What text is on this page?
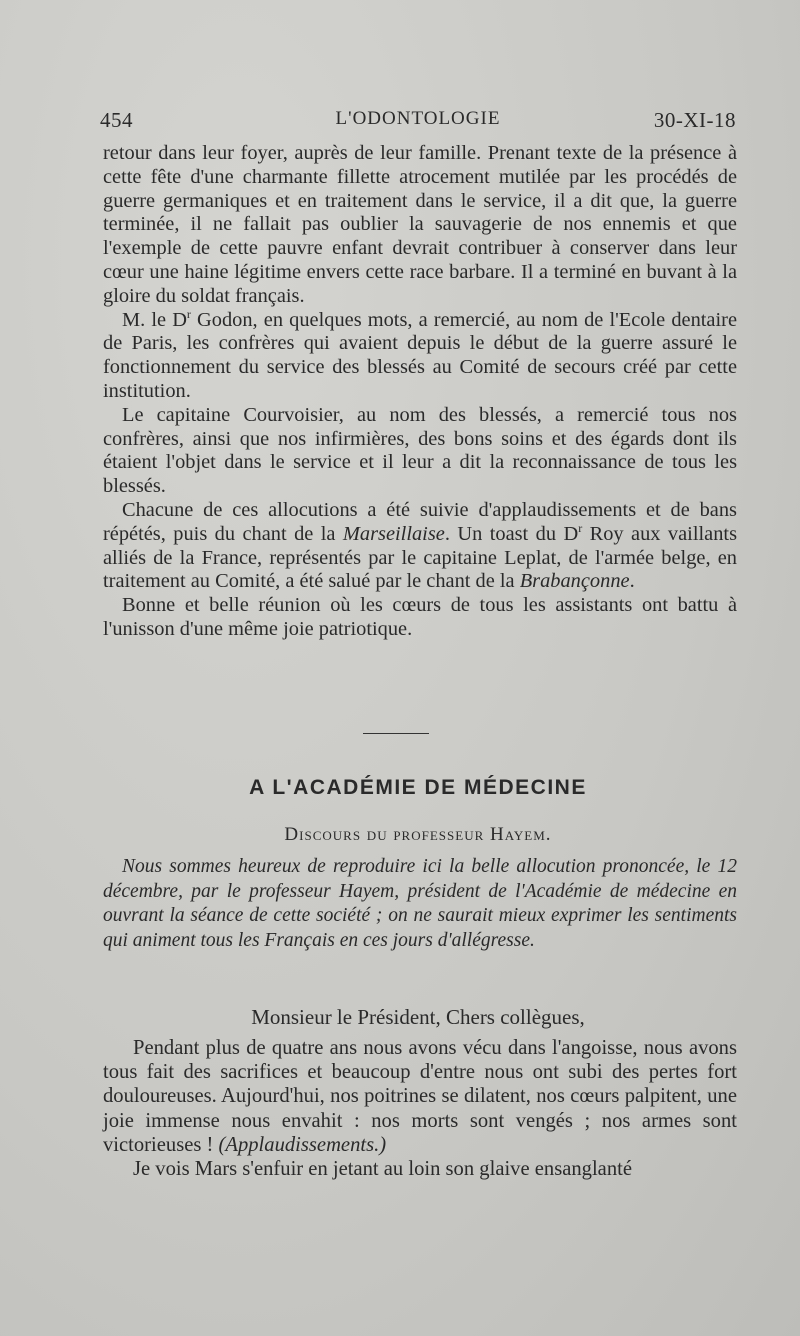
454	L'ODONTOLOGIE	30-XI-18

retour dans leur foyer, auprès de leur famille. Prenant texte de la présence à cette fête d'une charmante fillette atrocement mutilée par les procédés de guerre germaniques et en traitement dans le service, il a dit que, la guerre terminée, il ne fallait pas oublier la sauvagerie de nos ennemis et que l'exemple de cette pauvre enfant devrait contribuer à conserver dans leur cœur une haine légitime envers cette race barbare. Il a terminé en buvant à la gloire du soldat français.

M. le $D^r$ Godon, en quelques mots, a remercié, au nom de l'Ecole dentaire de Paris, les confrères qui avaient depuis le début de la guerre assuré le fonctionnement du service des blessés au Comité de secours créé par cette institution.

Le capitaine Courvoisier, au nom des blessés, a remercié tous nos confrères, ainsi que nos infirmières, des bons soins et des égards dont ils étaient l'objet dans le service et il leur a dit la reconnaissance de tous les blessés.

Chacune de ces allocutions a été suivie d'applaudissements et de bans répétés, puis du chant de la Marseillaise. Un toast du $D^r$ Roy aux vaillants alliés de la France, représentés par le capitaine Leplat, de l'armée belge, en traitement au Comité, a été salué par le chant de la Brabançonne.

Bonne et belle réunion où les cœurs de tous les assistants ont battu à l'unisson d'une même joie patriotique.

A L'ACADÉMIE DE MÉDECINE
Discours du professeur Hayem.

Nous sommes heureux de reproduire ici la belle allocution prononcée, le 12 décembre, par le professeur Hayem, président de l'Académie de médecine en ouvrant la séance de cette société ; on ne saurait mieux exprimer les sentiments qui animent tous les Français en ces jours d'allégresse.

Monsieur le Président, Chers collègues,

Pendant plus de quatre ans nous avons vécu dans l'angoisse, nous avons tous fait des sacrifices et beaucoup d'entre nous ont subi des pertes fort douloureuses. Aujourd'hui, nos poitrines se dilatent, nos cœurs palpitent, une joie immense nous envahit : nos morts sont vengés ; nos armes sont victorieuses ! (Applaudissements.)

Je vois Mars s'enfuir en jetant au loin son glaive ensanglanté
